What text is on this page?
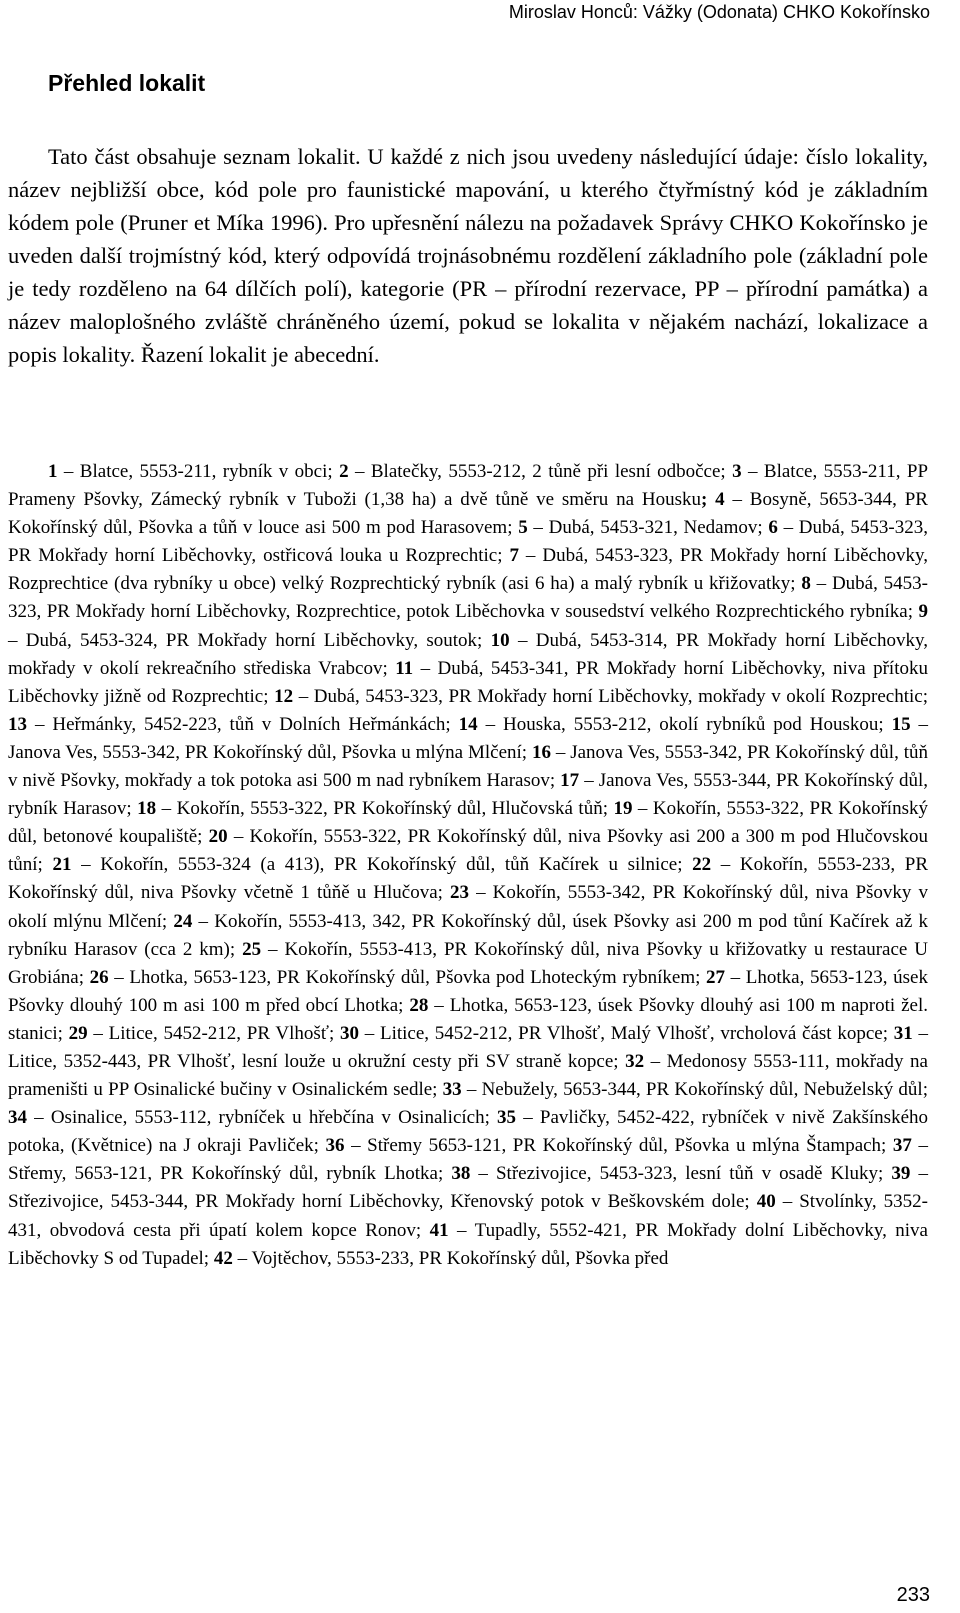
Miroslav Honců: Vážky (Odonata) CHKO Kokořínsko
Přehled lokalit

Tato část obsahuje seznam lokalit. U každé z nich jsou uvedeny následující údaje: číslo lokality, název nejbližší obce, kód pole pro faunistické mapování, u kterého čtyřmístný kód je základním kódem pole (Pruner et Míka 1996). Pro upřesnění nálezu na požadavek Správy CHKO Kokořínsko je uveden další trojmístný kód, který odpovídá trojnásobnému rozdělení základního pole (základní pole je tedy rozděleno na 64 dílčích polí), kategorie (PR – přírodní rezervace, PP – přírodní památka) a název maloplošného zvláště chráněného území, pokud se lokalita v nějakém nachází, lokalizace a popis lokality. Řazení lokalit je abecední.

1 – Blatce, 5553-211, rybník v obci; 2 – Blatečky, 5553-212, 2 tůně při lesní odbočce; 3 – Blatce, 5553-211, PP Prameny Pšovky, Zámecký rybník v Tuboži (1,38 ha) a dvě tůně ve směru na Housku; 4 – Bosyně, 5653-344, PR Kokořínský důl, Pšovka a tůň v louce asi 500 m pod Harasovem; 5 – Dubá, 5453-321, Nedamov; 6 – Dubá, 5453-323, PR Mokřady horní Liběchovky, ostřicová louka u Rozprechtic; 7 – Dubá, 5453-323, PR Mokřady horní Liběchovky, Rozprechtice (dva rybníky u obce) velký Rozprechtický rybník (asi 6 ha) a malý rybník u křižovatky; 8 – Dubá, 5453-323, PR Mokřady horní Liběchovky, Rozprechtice, potok Liběchovka v sousedství velkého Rozprechtického rybníka; 9 – Dubá, 5453-324, PR Mokřady horní Liběchovky, soutok; 10 – Dubá, 5453-314, PR Mokřady horní Liběchovky, mokřady v okolí rekreačního střediska Vrabcov; 11 – Dubá, 5453-341, PR Mokřady horní Liběchovky, niva přítoku Liběchovky jižně od Rozprechtic; 12 – Dubá, 5453-323, PR Mokřady horní Liběchovky, mokřady v okolí Rozprechtic; 13 – Heřmánky, 5452-223, tůň v Dolních Heřmánkách; 14 – Houska, 5553-212, okolí rybníků pod Houskou; 15 – Janova Ves, 5553-342, PR Kokořínský důl, Pšovka u mlýna Mlčení; 16 – Janova Ves, 5553-342, PR Kokořínský důl, tůň v nivě Pšovky, mokřady a tok potoka asi 500 m nad rybníkem Harasov; 17 – Janova Ves, 5553-344, PR Kokořínský důl, rybník Harasov; 18 – Kokořín, 5553-322, PR Kokořínský důl, Hlučovská tůň; 19 – Kokořín, 5553-322, PR Kokořínský důl, betonové koupaliště; 20 – Kokořín, 5553-322, PR Kokořínský důl, niva Pšovky asi 200 a 300 m pod Hlučovskou tůní; 21 – Kokořín, 5553-324 (a 413), PR Kokořínský důl, tůň Kačírek u silnice; 22 – Kokořín, 5553-233, PR Kokořínský důl, niva Pšovky včetně 1 tůňě u Hlučova; 23 – Kokořín, 5553-342, PR Kokořínský důl, niva Pšovky v okolí mlýnu Mlčení; 24 – Kokořín, 5553-413, 342, PR Kokořínský důl, úsek Pšovky asi 200 m pod tůní Kačírek až k rybníku Harasov (cca 2 km); 25 – Kokořín, 5553-413, PR Kokořínský důl, niva Pšovky u křižovatky u restaurace U Grobiána; 26 – Lhotka, 5653-123, PR Kokořínský důl, Pšovka pod Lhoteckým rybníkem; 27 – Lhotka, 5653-123, úsek Pšovky dlouhý 100 m asi 100 m před obcí Lhotka; 28 – Lhotka, 5653-123, úsek Pšovky dlouhý asi 100 m naproti žel. stanici; 29 – Litice, 5452-212, PR Vlhošť; 30 – Litice, 5452-212, PR Vlhošť, Malý Vlhošť, vrcholová část kopce; 31 – Litice, 5352-443, PR Vlhošť, lesní louže u okružní cesty při SV straně kopce; 32 – Medonosy 5553-111, mokřady na prameništi u PP Osinalické bučiny v Osinalickém sedle; 33 – Nebužely, 5653-344, PR Kokořínský důl, Nebuželský důl; 34 – Osinalice, 5553-112, rybníček u hřebčína v Osinalicích; 35 – Pavličky, 5452-422, rybníček v nivě Zakšínského potoka, (Květnice) na J okraji Pavliček; 36 – Střemy 5653-121, PR Kokořínský důl, Pšovka u mlýna Štampach; 37 – Střemy, 5653-121, PR Kokořínský důl, rybník Lhotka; 38 – Střezivojice, 5453-323, lesní tůň v osadě Kluky; 39 – Střezivojice, 5453-344, PR Mokřady horní Liběchovky, Křenovský potok v Beškovském dole; 40 – Stvolínky, 5352-431, obvodová cesta při úpatí kolem kopce Ronov; 41 – Tupadly, 5552-421, PR Mokřady dolní Liběchovky, niva Liběchovky S od Tupadel; 42 – Vojtěchov, 5553-233, PR Kokořínský důl, Pšovka před

233
